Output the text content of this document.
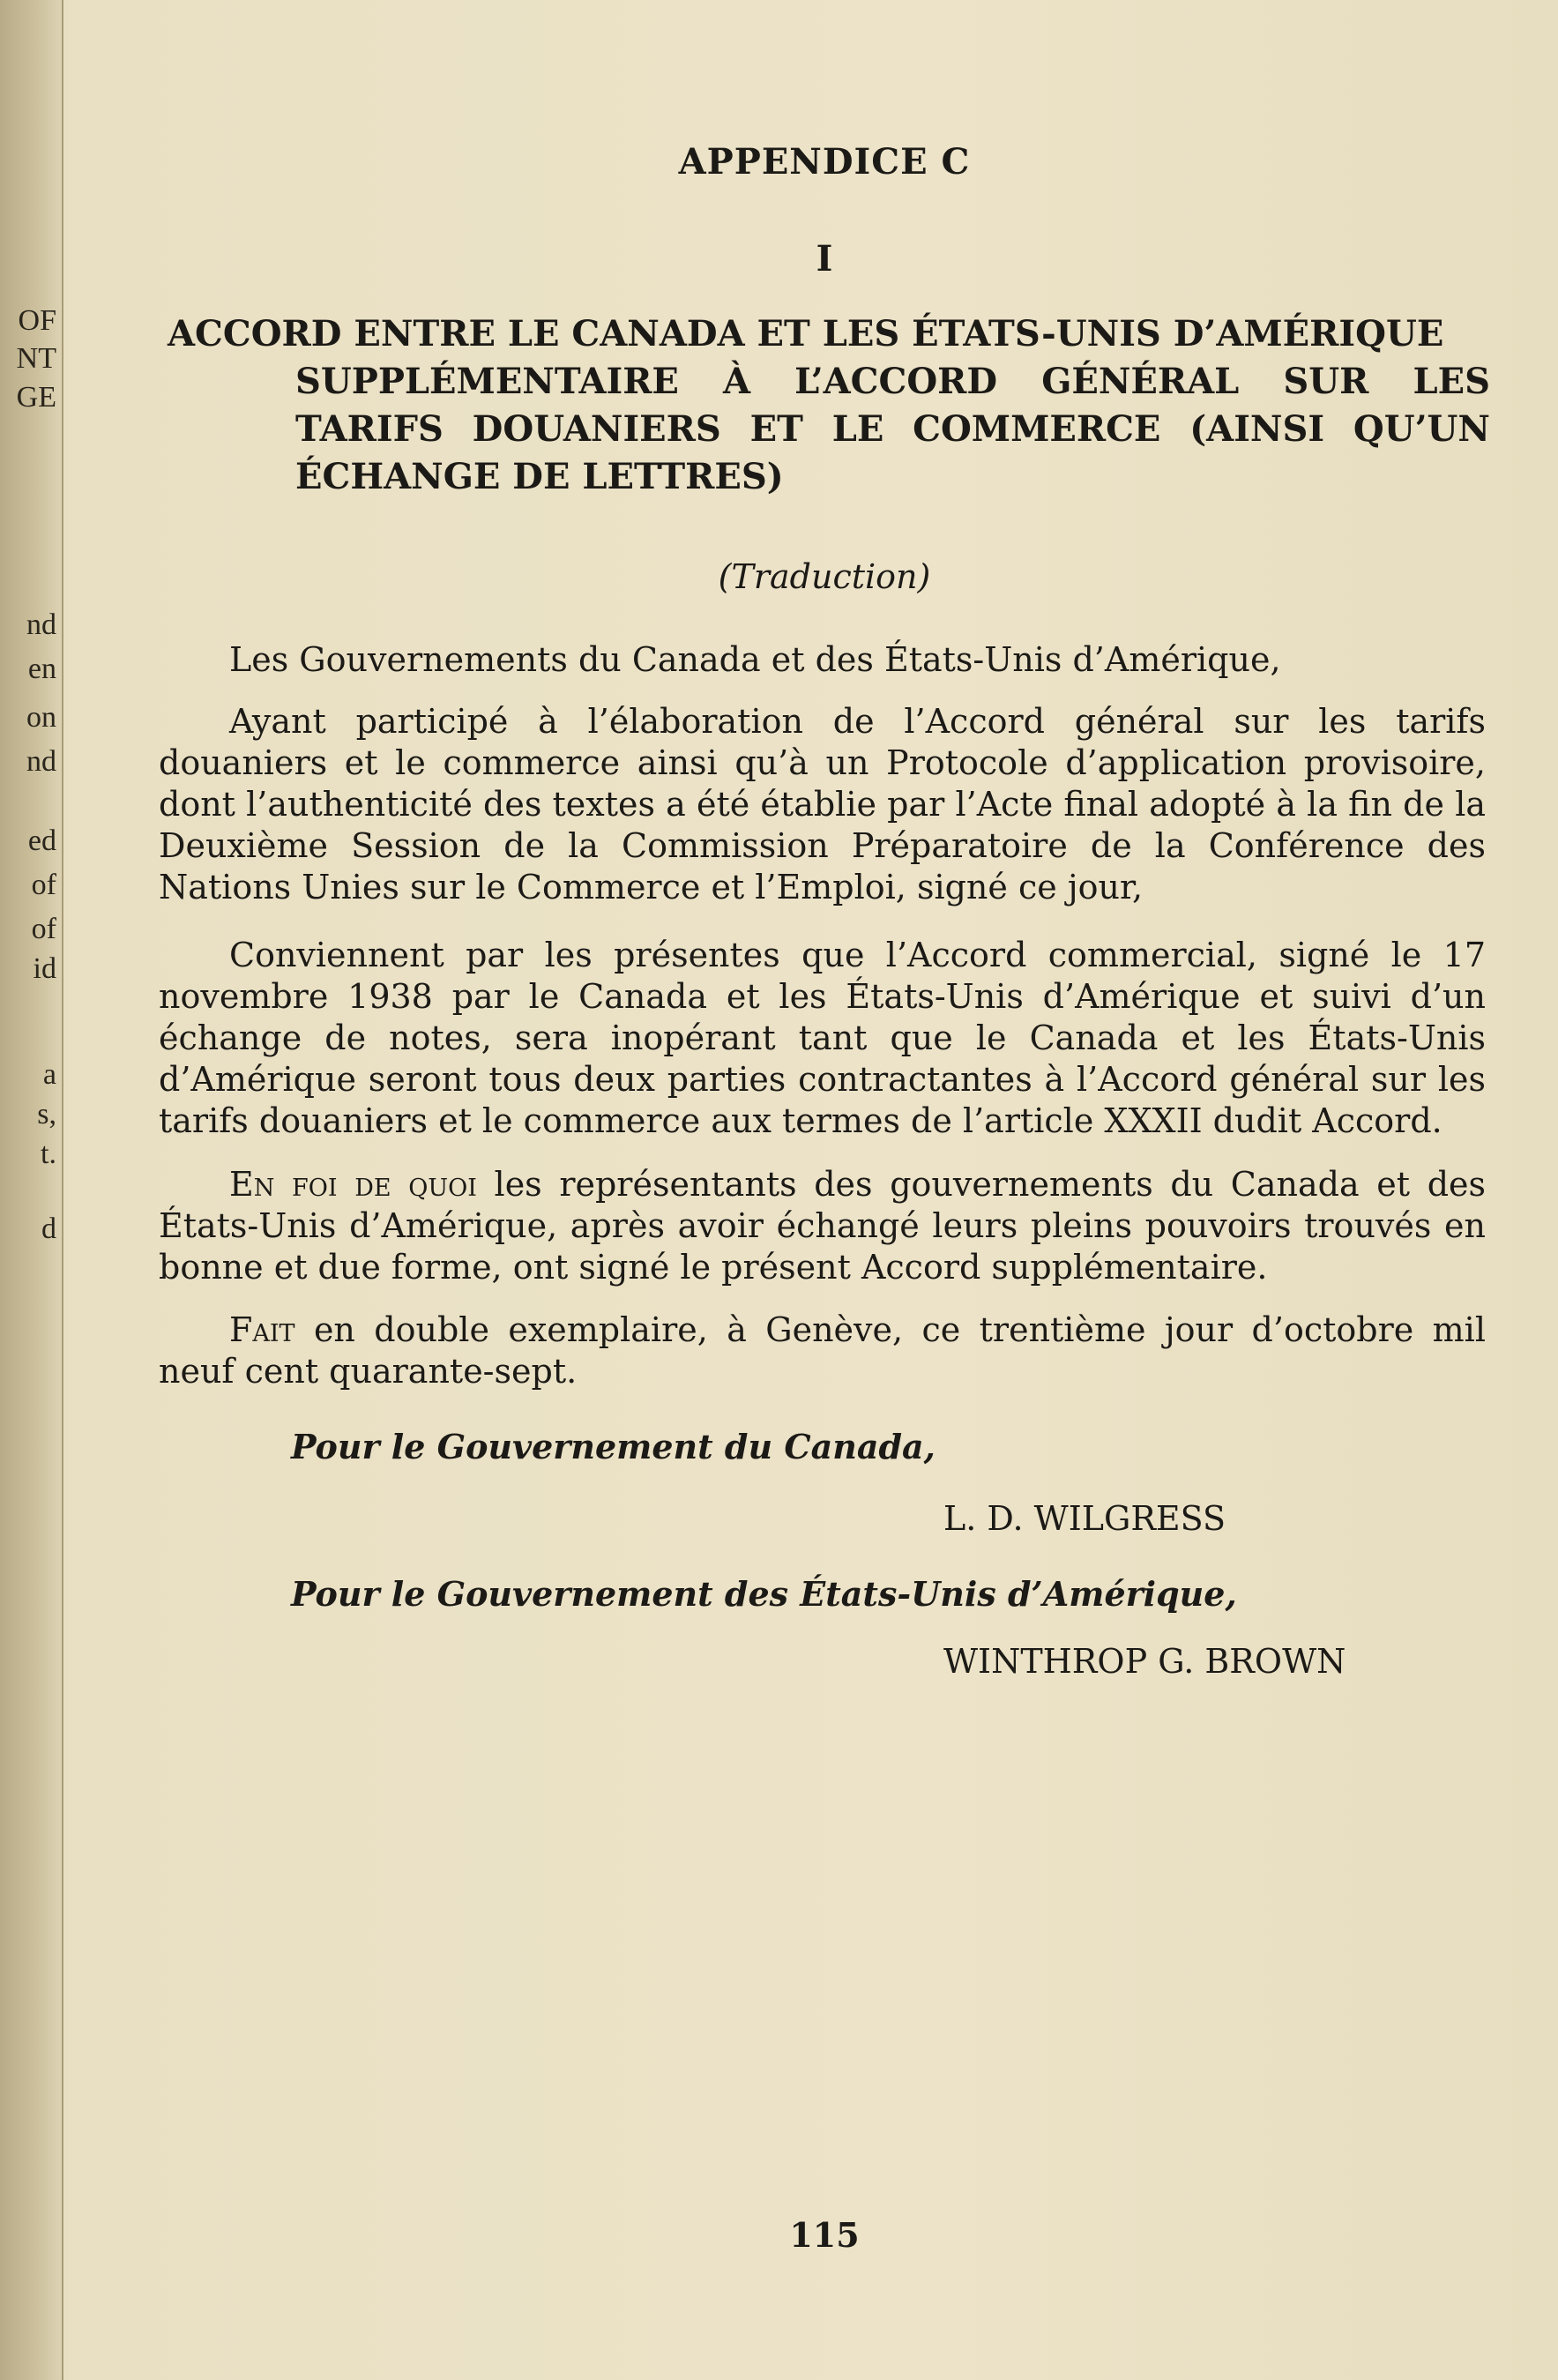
OF
NT
GE
nd
en
on
nd
ed
of
of
id
a
s,
t.
d
APPENDICE C
I
ACCORD ENTRE LE CANADA ET LES ÉTATS-UNIS D’AMÉRIQUE
SUPPLÉMENTAIRE À L’ACCORD GÉNÉRAL SUR LES TARIFS DOUANIERS ET LE COMMERCE (AINSI QU’UN ÉCHANGE DE LETTRES)
(Traduction)
Les Gouvernements du Canada et des États-Unis d’Amérique,
Ayant participé à l’élaboration de l’Accord général sur les tarifs douaniers et le commerce ainsi qu’à un Protocole d’application provisoire, dont l’authenticité des textes a été établie par l’Acte final adopté à la fin de la Deuxième Session de la Commission Préparatoire de la Conférence des Nations Unies sur le Commerce et l’Emploi, signé ce jour,
Conviennent par les présentes que l’Accord commercial, signé le 17 novembre 1938 par le Canada et les États-Unis d’Amérique et suivi d’un échange de notes, sera inopérant tant que le Canada et les États-Unis d’Amérique seront tous deux parties contractantes à l’Accord général sur les tarifs douaniers et le commerce aux termes de l’article XXXII dudit Accord.
En foi de quoi les représentants des gouvernements du Canada et des États-Unis d’Amérique, après avoir échangé leurs pleins pouvoirs trouvés en bonne et due forme, ont signé le présent Accord supplémentaire.
Fait en double exemplaire, à Genève, ce trentième jour d’octobre mil neuf cent quarante-sept.
Pour le Gouvernement du Canada,
L. D. WILGRESS
Pour le Gouvernement des États-Unis d’Amérique,
WINTHROP G. BROWN
115
